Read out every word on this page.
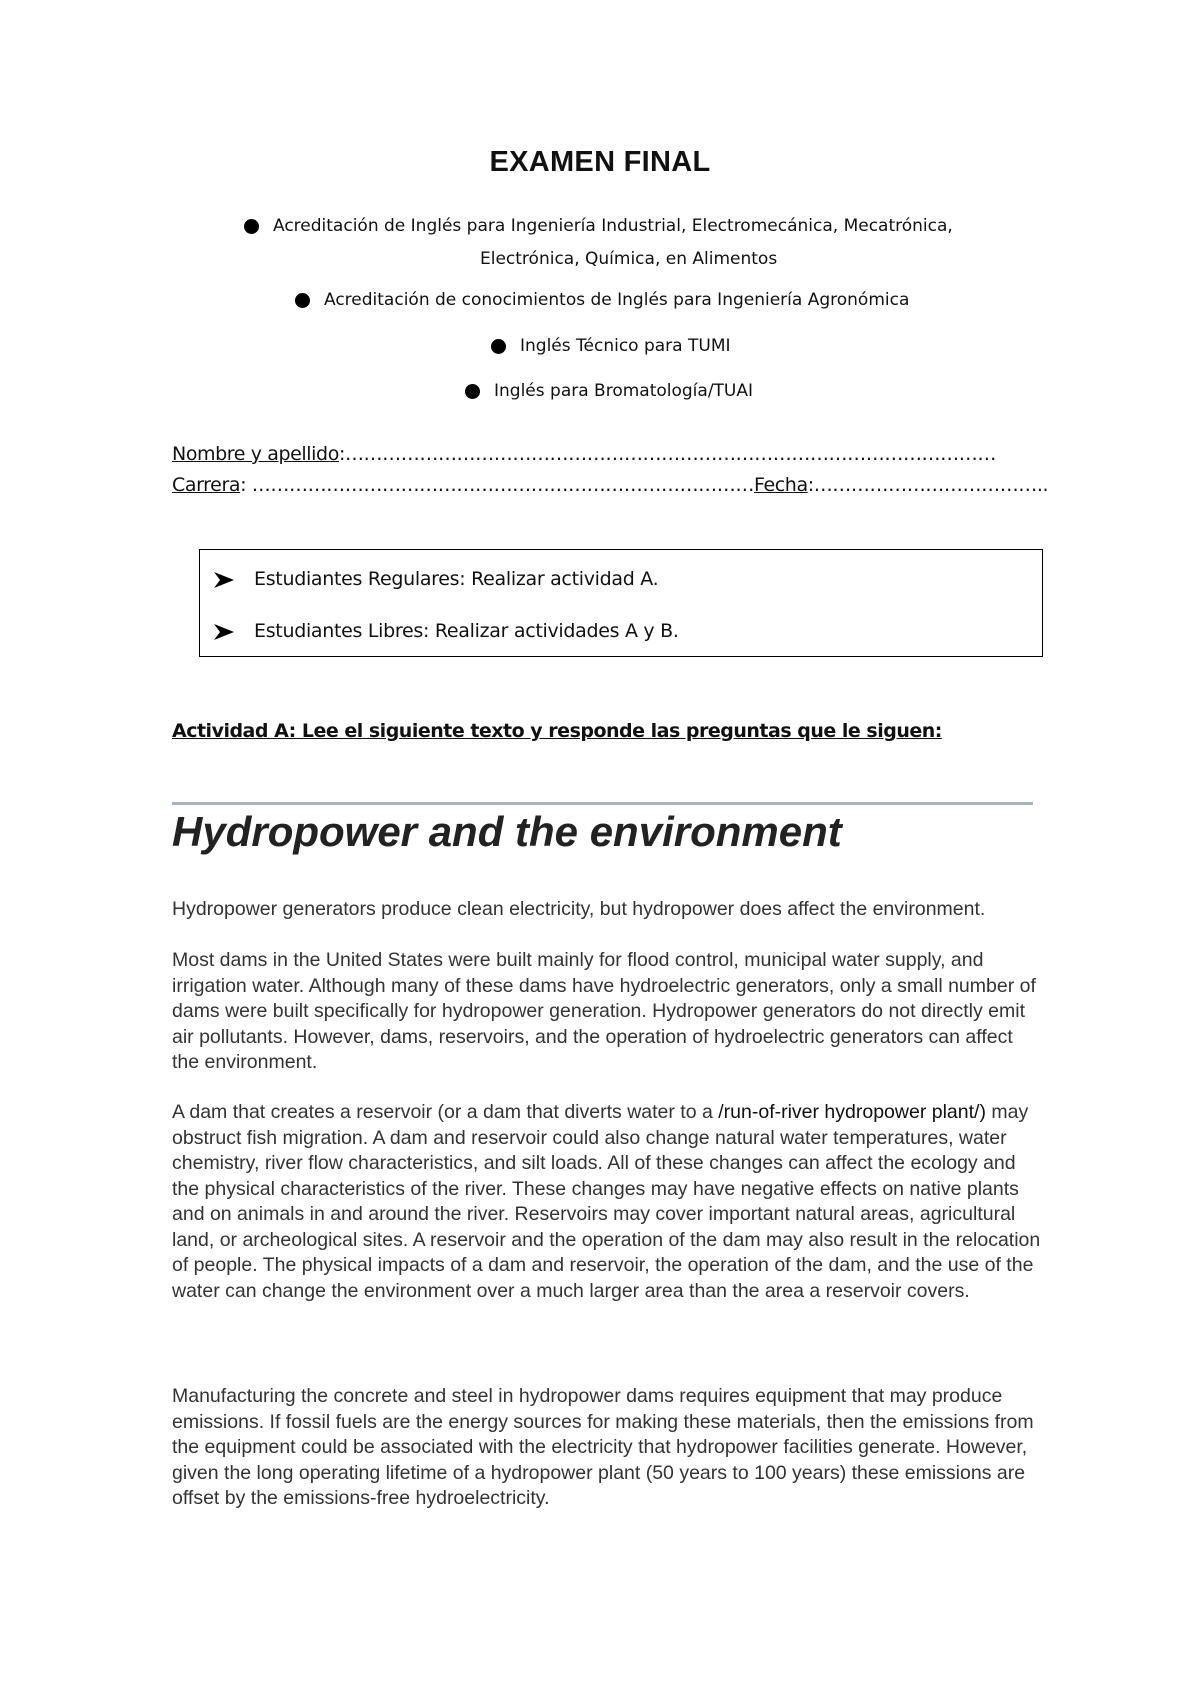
EXAMEN FINAL
Acreditación de Inglés para Ingeniería Industrial, Electromecánica, Mecatrónica,
Electrónica, Química, en Alimentos
Acreditación de conocimientos de Inglés para Ingeniería Agronómica
Inglés Técnico para TUMI
Inglés para Bromatología/TUAI
Nombre y apellido:……………………………………………………………………………………………
Carrera: ………………………………………………………………………Fecha:………………………………..
Estudiantes Regulares: Realizar actividad A.
Estudiantes Libres: Realizar actividades A y B.
Actividad A: Lee el siguiente texto y responde las preguntas que le siguen:
Hydropower and the environment

Hydropower generators produce clean electricity, but hydropower does affect the environment.

Most dams in the United States were built mainly for flood control, municipal water supply, and irrigation water. Although many of these dams have hydroelectric generators, only a small number of dams were built specifically for hydropower generation. Hydropower generators do not directly emit air pollutants. However, dams, reservoirs, and the operation of hydroelectric generators can affect the environment.

A dam that creates a reservoir (or a dam that diverts water to a /run-of-river hydropower plant/) may obstruct fish migration. A dam and reservoir could also change natural water temperatures, water chemistry, river flow characteristics, and silt loads. All of these changes can affect the ecology and the physical characteristics of the river. These changes may have negative effects on native plants and on animals in and around the river. Reservoirs may cover important natural areas, agricultural land, or archeological sites. A reservoir and the operation of the dam may also result in the relocation of people. The physical impacts of a dam and reservoir, the operation of the dam, and the use of the water can change the environment over a much larger area than the area a reservoir covers.

Manufacturing the concrete and steel in hydropower dams requires equipment that may produce emissions. If fossil fuels are the energy sources for making these materials, then the emissions from the equipment could be associated with the electricity that hydropower facilities generate. However, given the long operating lifetime of a hydropower plant (50 years to 100 years) these emissions are offset by the emissions-free hydroelectricity.
